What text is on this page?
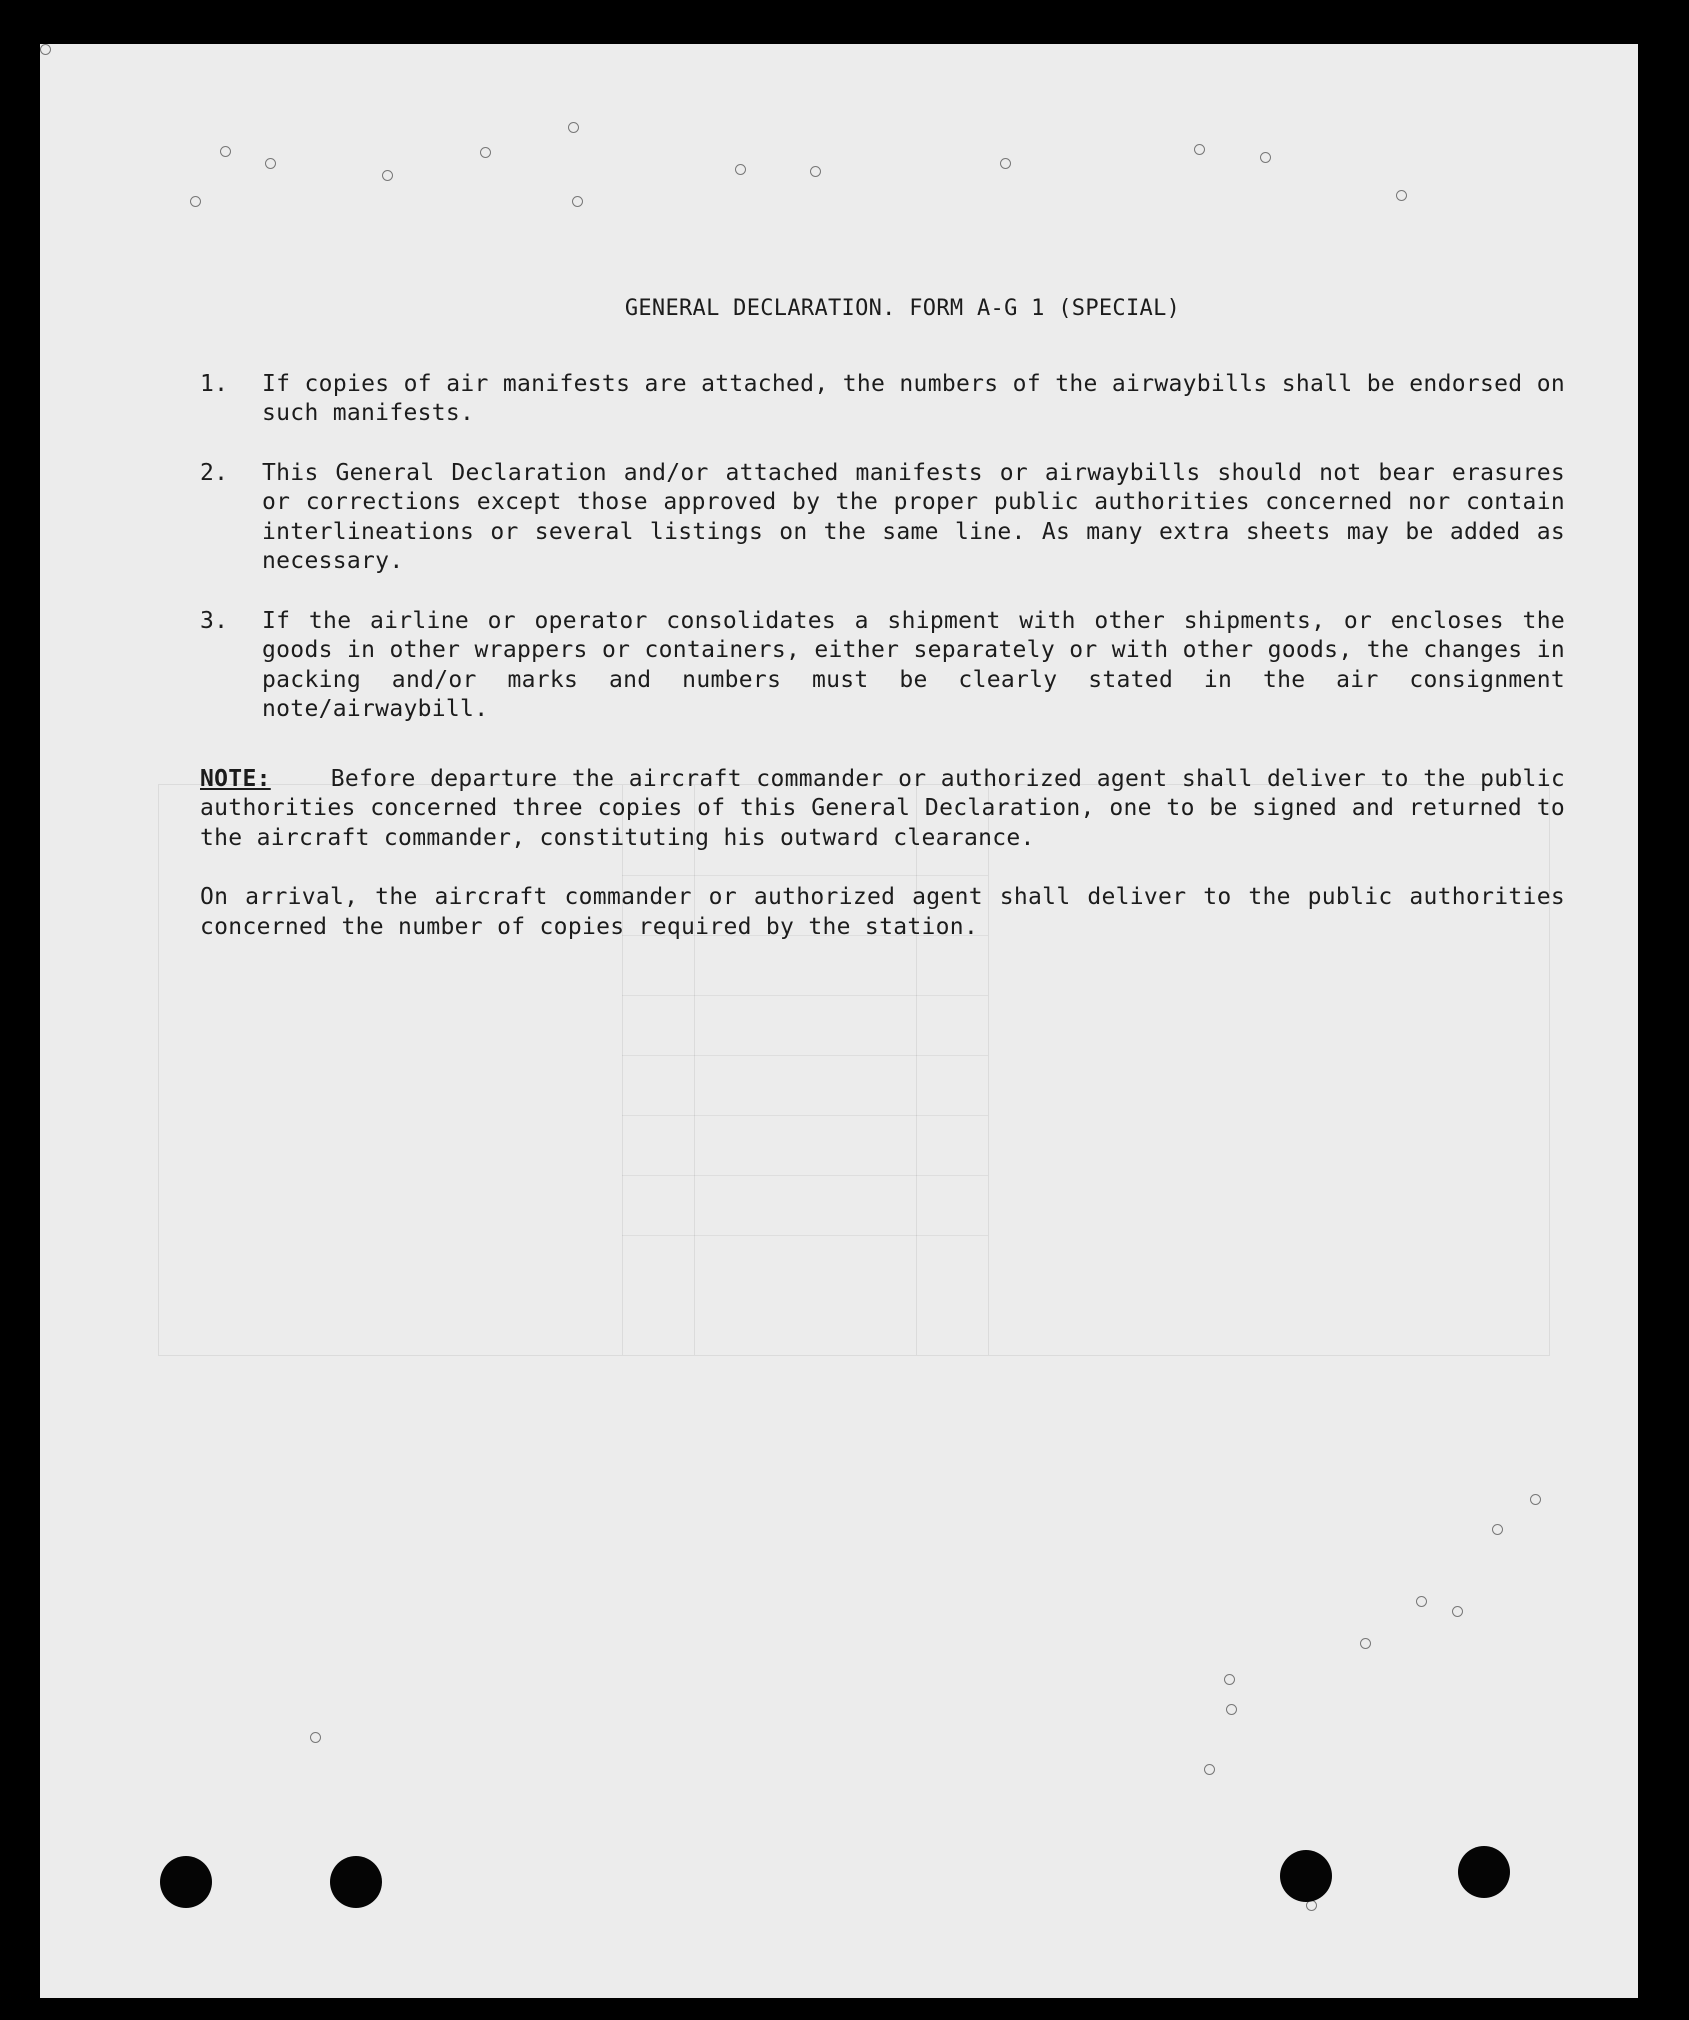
GENERAL DECLARATION. FORM A-G 1 (SPECIAL)
1.	If copies of air manifests are attached, the numbers of the airwaybills shall be endorsed on such manifests.
2.	This General Declaration and/or attached manifests or airwaybills should not bear erasures or corrections except those approved by the proper public authorities concerned nor contain interlineations or several listings on the same line. As many extra sheets may be added as necessary.
3.	If the airline or operator consolidates a shipment with other shipments, or encloses the goods in other wrappers or containers, either separately or with other goods, the changes in packing and/or marks and numbers must be clearly stated in the air consignment note/airwaybill.
NOTE:	Before departure the aircraft commander or authorized agent shall deliver to the public authorities concerned three copies of this General Declaration, one to be signed and returned to the aircraft commander, constituting his outward clearance.
On arrival, the aircraft commander or authorized agent shall deliver to the public authorities concerned the number of copies required by the station.
